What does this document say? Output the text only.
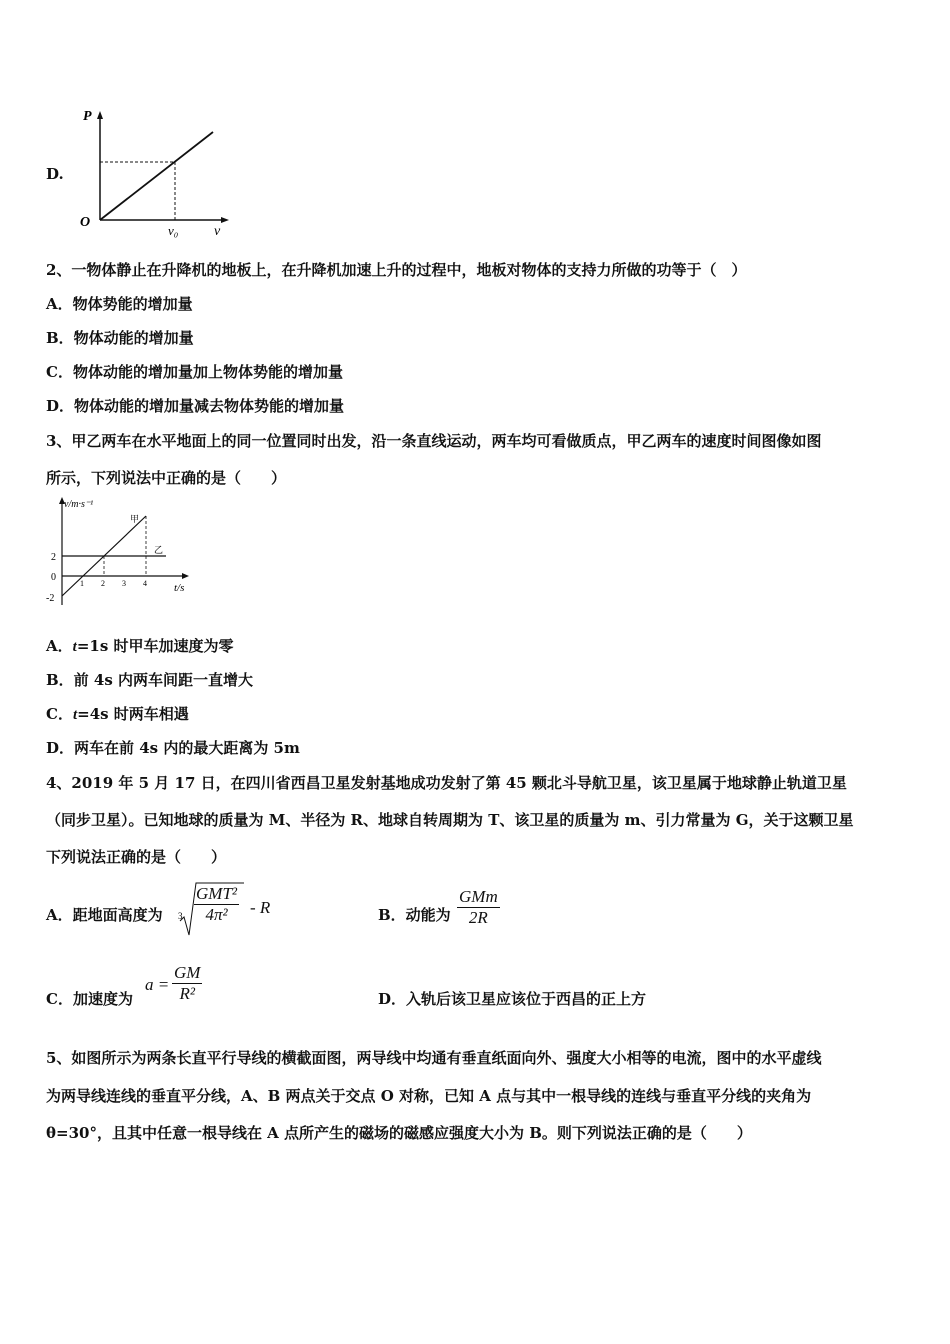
D.
P
O
v₀	v
2、一物体静止在升降机的地板上，在升降机加速上升的过程中，地板对物体的支持力所做的功等于（　）
A．物体势能的增加量
B．物体动能的增加量
C．物体动能的增加量加上物体势能的增加量
D．物体动能的增加量减去物体势能的增加量
3、甲乙两车在水平地面上的同一位置同时出发，沿一条直线运动，两车均可看做质点，甲乙两车的速度时间图像如图
所示，下列说法中正确的是（　　）
v/m·s⁻¹
t/s
2
0
-2
1 2 3 4
甲
乙
A．t=1s 时甲车加速度为零
B．前 4s 内两车间距一直增大
C．t=4s 时两车相遇
D．两车在前 4s 内的最大距离为 5m
4、2019 年 5 月 17 日，在四川省西昌卫星发射基地成功发射了第 45 颗北斗导航卫星，该卫星属于地球静止轨道卫星
（同步卫星）。已知地球的质量为 M、半径为 R、地球自转周期为 T、该卫星的质量为 m、引力常量为 G，关于这颗卫星
下列说法正确的是（　　）
A．距地面高度为 3
GMT²
4π²	- R	B．动能为
GMm
2R
C．加速度为
$a = \frac{GM}{\text{R²}}$	D．入轨后该卫星应该位于西昌的正上方
5、如图所示为两条长直平行导线的横截面图，两导线中均通有垂直纸面向外、强度大小相等的电流，图中的水平虚线
为两导线连线的垂直平分线，A、B 两点关于交点 O 对称，已知 A 点与其中一根导线的连线与垂直平分线的夹角为
θ=30°，且其中任意一根导线在 A 点所产生的磁场的磁感应强度大小为 B。则下列说法正确的是（　　）
